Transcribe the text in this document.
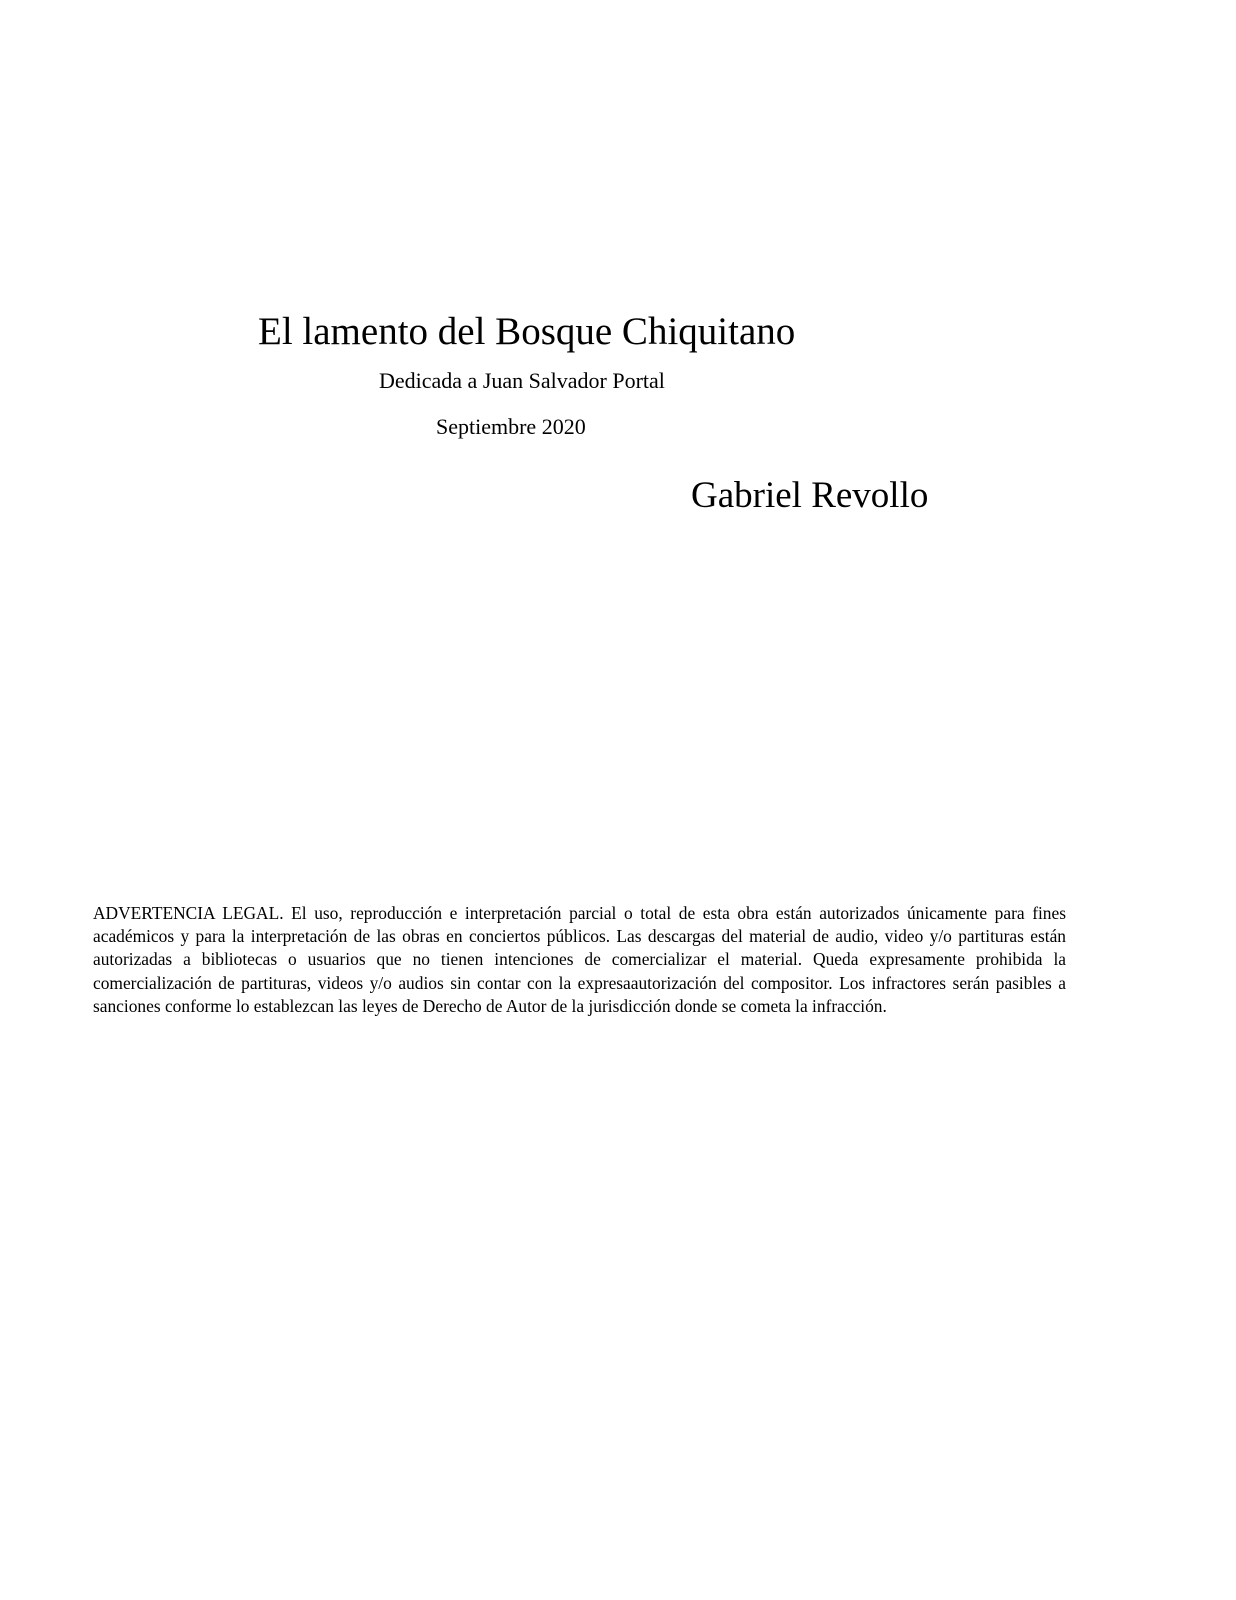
El lamento del Bosque Chiquitano

Dedicada a Juan Salvador Portal

Septiembre 2020

Gabriel Revollo

ADVERTENCIA LEGAL. El uso, reproducción e interpretación parcial o total de esta obra están autorizados únicamente para fines académicos y para la interpretación de las obras en conciertos públicos. Las descargas del material de audio, video y/o partituras están autorizadas a bibliotecas o usuarios que no tienen intenciones de comercializar el material. Queda expresamente prohibida la comercialización de partituras, videos y/o audios sin contar con la expresaautorización del compositor. Los infractores serán pasibles a sanciones conforme lo establezcan las leyes de Derecho de Autor de la jurisdicción donde se cometa la infracción.
